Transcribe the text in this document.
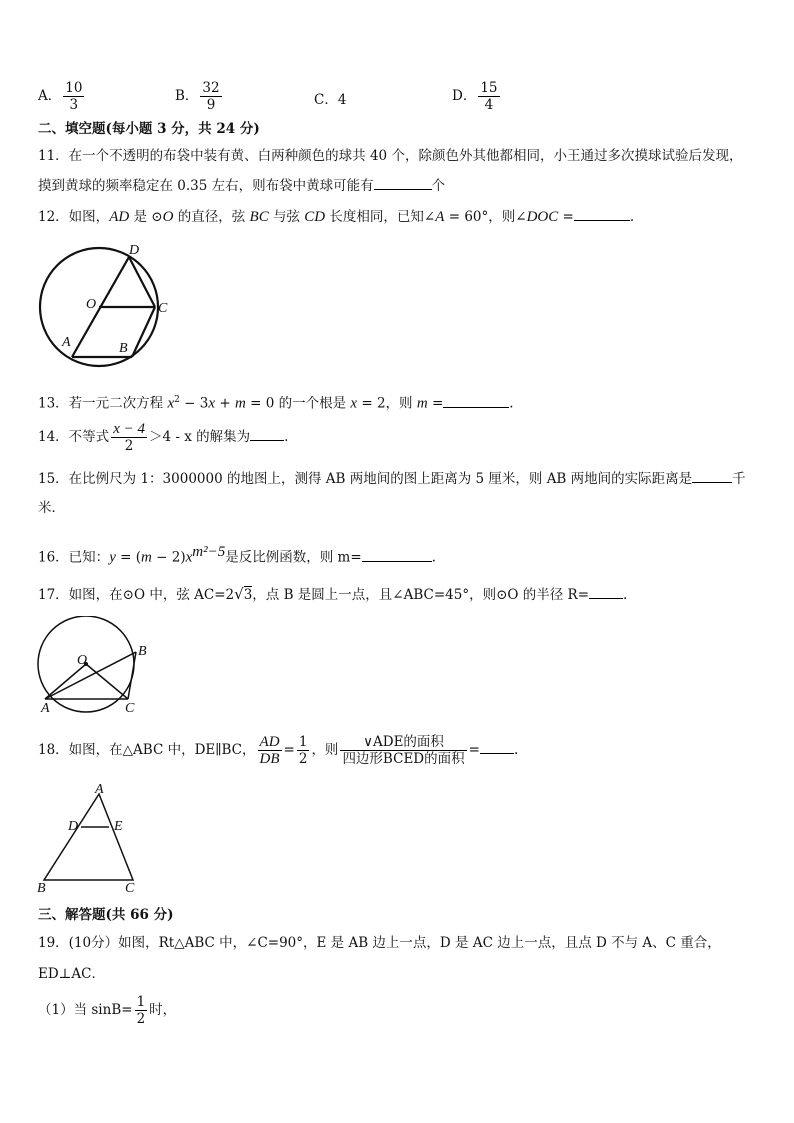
A． $\frac{10}{3}$	B． $\frac{32}{9}$	C．4	D． $\frac{15}{4}$
二、填空题(每小题 3 分，共 24 分)
11．在一个不透明的布袋中装有黄、白两种颜色的球共 40 个，除颜色外其他都相同，小王通过多次摸球试验后发现，
摸到黄球的频率稳定在 0.35 左右，则布袋中黄球可能有	个
12．如图，AD 是 ⊙O 的直径，弦 BC 与弦 CD 长度相同，已知∠A = 60°，则∠DOC =	.
D
O	C
A	B
13．若一元二次方程 $x^2 - 3x + m = 0$ 的一个根是 x = 2，则 m =	.
14．不等式 $\frac{x - 4}{2} >4 - x$ 的解集为	.
15．在比例尺为 1：3000000 的地图上，测得 AB 两地间的图上距离为 5 厘米，则 AB 两地间的实际距离是	千
米．
16．已知：$y = (m - 2)x^{m^2-5}$是反比例函数，则 m=	.
17．如图，在⊙O 中，弦 AC=2√3，点 B 是圆上一点，且∠ABC=45°，则⊙O 的半径 R=	.
O
B
A	C
18．如图，在△ABC 中，DE∥BC， $\frac{AD}{DB} = \frac{1}{2}$ ，则 $\frac{\text{∨ADE的面积}}{\text{四边形BCED的面积}}$ =	.
A
D	E
B	C
三、解答题(共 66 分)
19．(10分）如图，Rt△ABC 中，∠C=90°，E 是 AB 边上一点，D 是 AC 边上一点，且点 D 不与 A、C 重合，
ED⊥AC．
（1）当 $\sin B= \frac{1}{2}$ 时，
